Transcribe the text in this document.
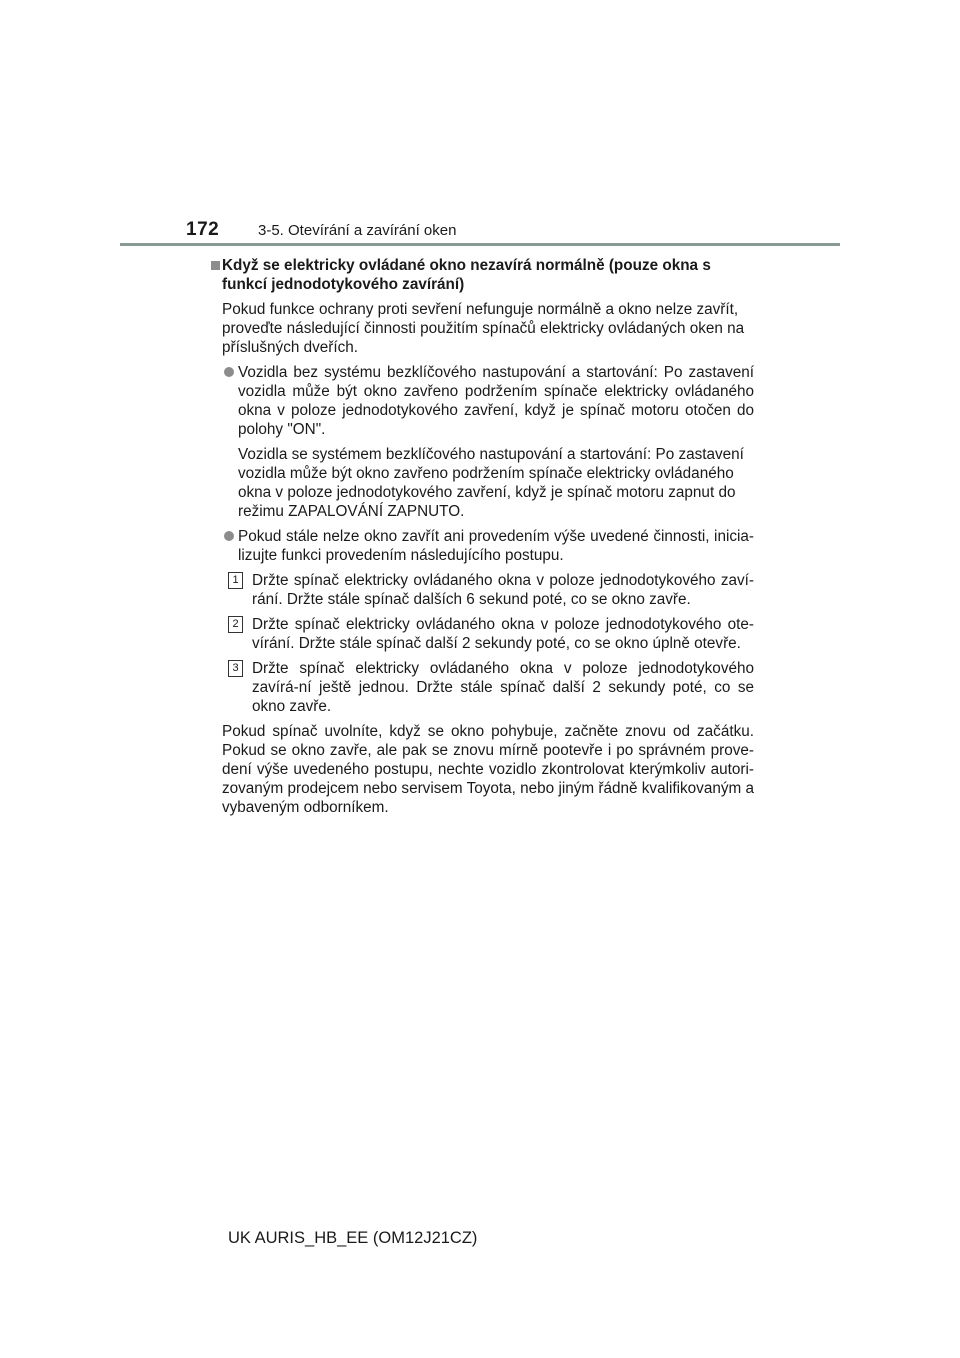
172	3-5. Otevírání a zavírání oken
Když se elektricky ovládané okno nezavírá normálně (pouze okna s funkcí jednodotykového zavírání)
Pokud funkce ochrany proti sevření nefunguje normálně a okno nelze zavřít, proveďte následující činnosti použitím spínačů elektricky ovládaných oken na příslušných dveřích.
Vozidla bez systému bezklíčového nastupování a startování: Po zastavení vozidla může být okno zavřeno podržením spínače elektricky ovládaného okna v poloze jednodotykového zavření, když je spínač motoru otočen do polohy "ON".
Vozidla se systémem bezklíčového nastupování a startování: Po zastavení vozidla může být okno zavřeno podržením spínače elektricky ovládaného okna v poloze jednodotykového zavření, když je spínač motoru zapnut do režimu ZAPALOVÁNÍ ZAPNUTO.
Pokud stále nelze okno zavřít ani provedením výše uvedené činnosti, inicia-lizujte funkci provedením následujícího postupu.
1 Držte spínač elektricky ovládaného okna v poloze jednodotykového zaví-rání. Držte stále spínač dalších 6 sekund poté, co se okno zavře.
2 Držte spínač elektricky ovládaného okna v poloze jednodotykového ote-vírání. Držte stále spínač další 2 sekundy poté, co se okno úplně otevře.
3 Držte spínač elektricky ovládaného okna v poloze jednodotykového zavírá-ní ještě jednou. Držte stále spínač další 2 sekundy poté, co se okno zavře.
Pokud spínač uvolníte, když se okno pohybuje, začněte znovu od začátku. Pokud se okno zavře, ale pak se znovu mírně pootevře i po správném prove-dení výše uvedeného postupu, nechte vozidlo zkontrolovat kterýmkoliv autori-zovaným prodejcem nebo servisem Toyota, nebo jiným řádně kvalifikovaným a vybaveným odborníkem.
UK AURIS_HB_EE (OM12J21CZ)
